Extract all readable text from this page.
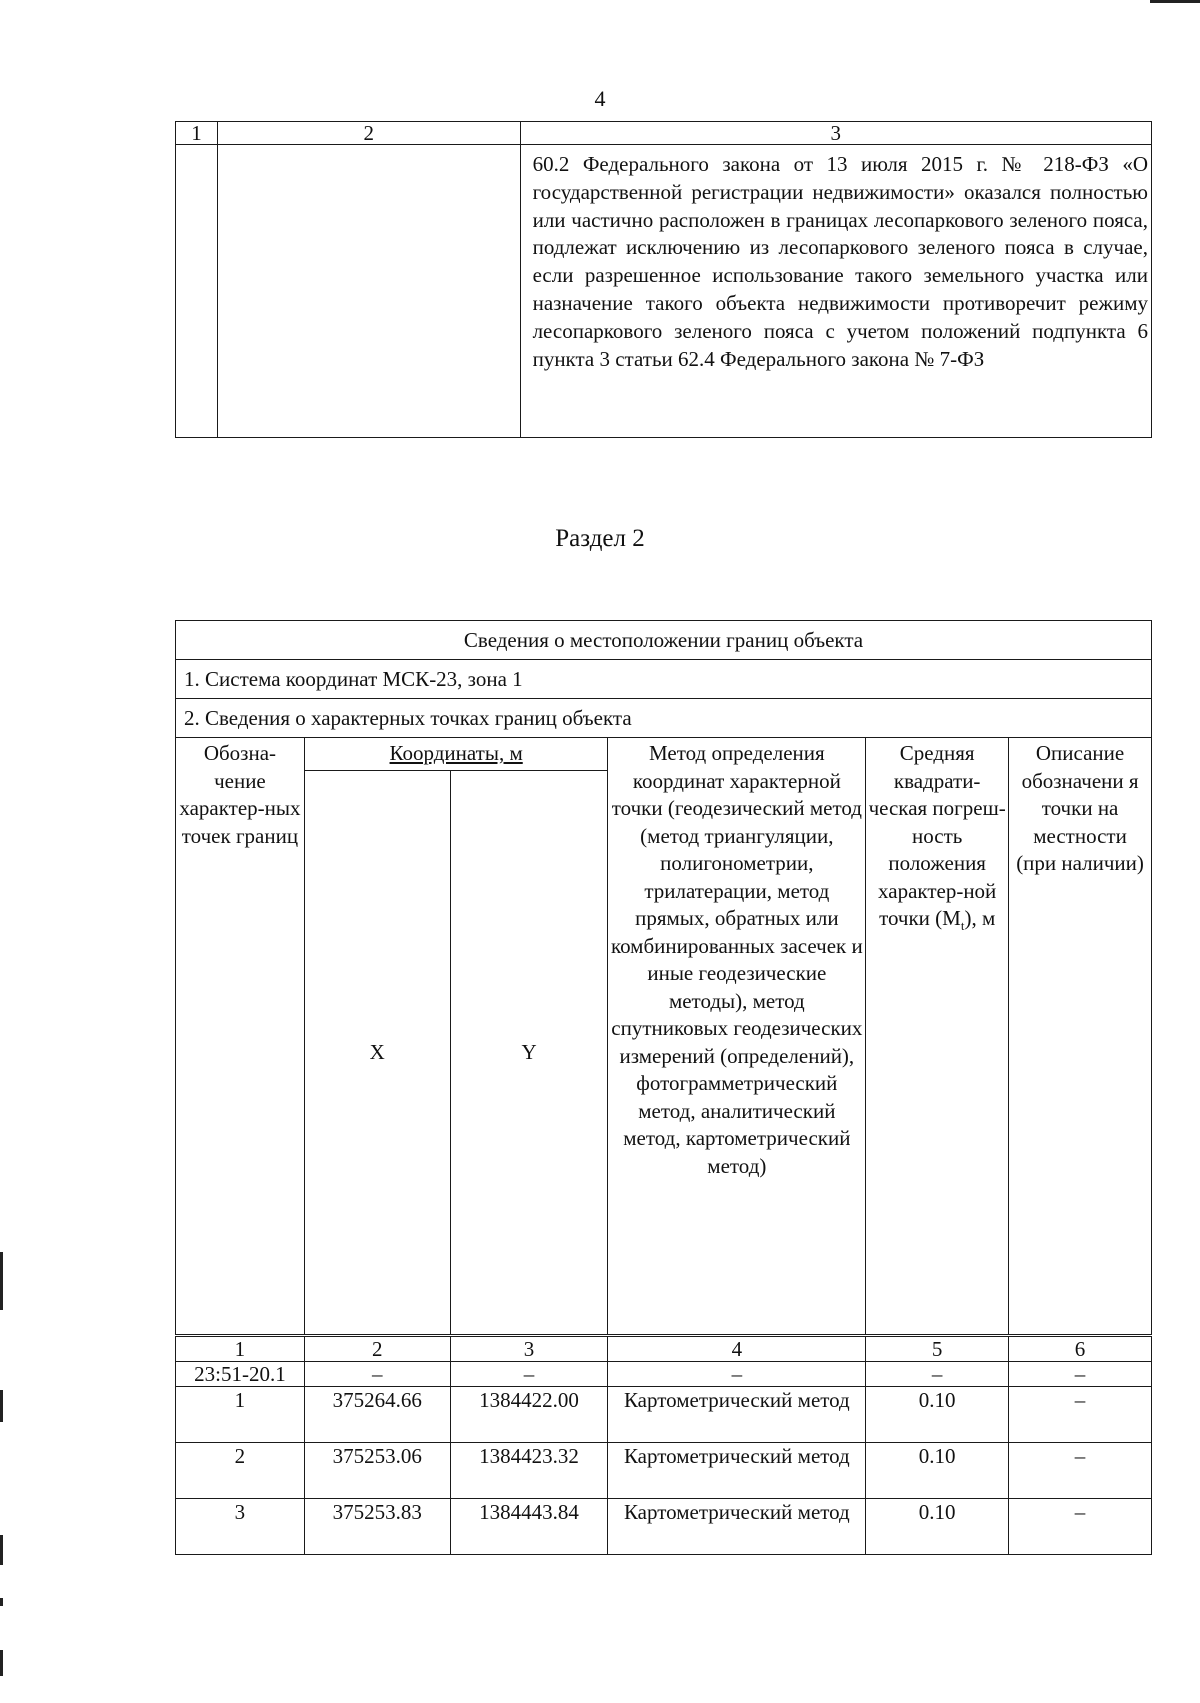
4
1	2	3

		60.2 Федерального закона от 13 июля 2015 г. № 218-ФЗ «О государственной регистрации недвижимости» оказался полностью или частично расположен в границах лесопаркового зеленого пояса, подлежат исключению из лесопаркового зеленого пояса в случае, если разрешенное использование такого земельного участка или назначение такого объекта недвижимости противоречит режиму лесопаркового зеленого пояса с учетом положений подпункта 6 пункта 3 статьи 62.4 Федерального закона № 7-ФЗ
Раздел 2
Сведения о местоположении границ объекта					
1. Система координат МСК-23, зона 1					
2. Сведения о характерных точках границ объекта					
Обозна-чение характер-ных точек границ	Координаты, м		Метод определения координат характерной точки (геодезический метод (метод триангуляции, полигонометрии, трилатерации, метод прямых, обратных или комбинированных засечек и иные геодезические методы), метод спутниковых геодезических измерений (определений), фотограмметрический метод, аналитический метод, картометрический метод)	Средняя квадрати-ческая погреш-ность положения характер-ной точки $(M_t)$, м	Описание обозначени я точки на местности (при наличии)
	X	Y			
1	2	3	4	5	6
23:51-20.1	–	–	–	–	–
1	375264.66	1384422.00	Картометрический метод	0.10	–
2	375253.06	1384423.32	Картометрический метод	0.10	–
3	375253.83	1384443.84	Картометрический метод	0.10	–
